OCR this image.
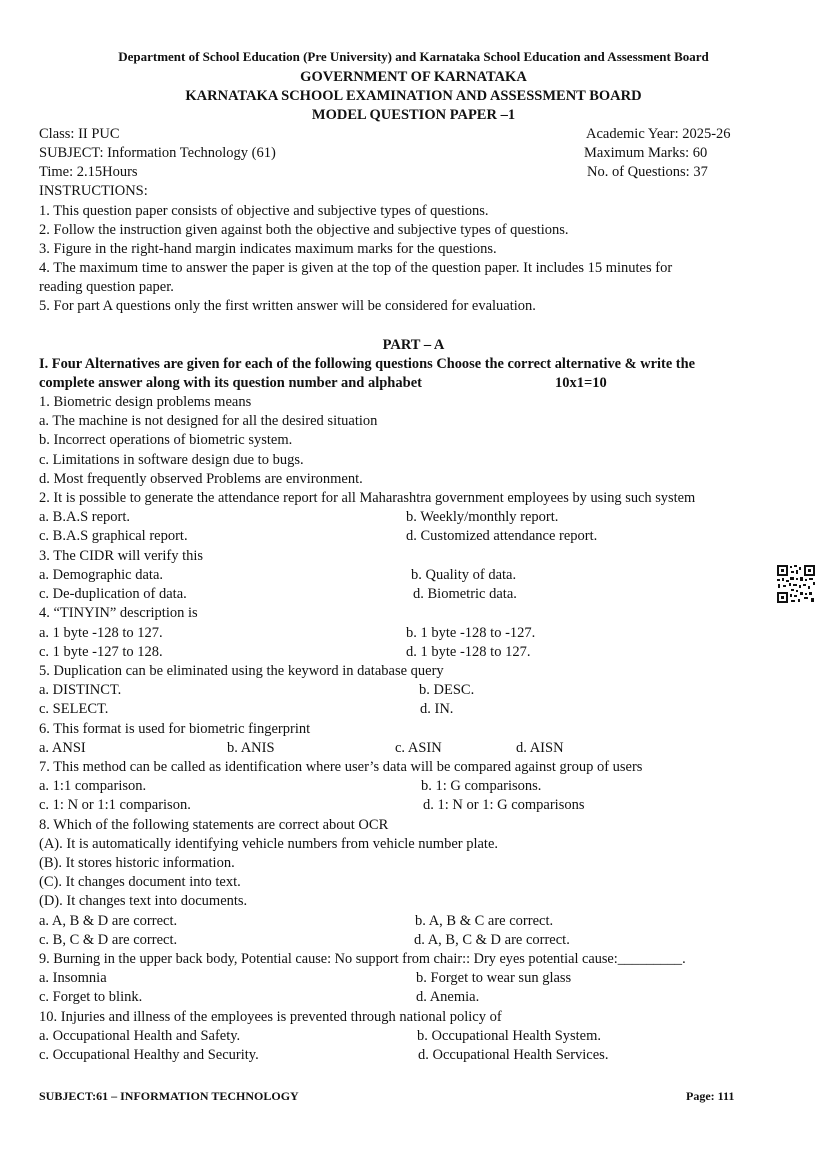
Department of School Education (Pre University) and Karnataka School Education and Assessment Board
GOVERNMENT OF KARNATAKA
KARNATAKA SCHOOL EXAMINATION AND ASSESSMENT BOARD
MODEL QUESTION PAPER –1
Class: II PUC	Academic Year: 2025-26
SUBJECT: Information Technology (61)	Maximum Marks: 60
Time: 2.15Hours	No. of Questions: 37
INSTRUCTIONS:
1. This question paper consists of objective and subjective types of questions.
2. Follow the instruction given against both the objective and subjective types of questions.
3. Figure in the right-hand margin indicates maximum marks for the questions.
4. The maximum time to answer the paper is given at the top of the question paper. It includes 15 minutes for
reading question paper.
5. For part A questions only the first written answer will be considered for evaluation.
PART – A
I. Four Alternatives are given for each of the following questions Choose the correct alternative & write the
complete answer along with its question number and alphabet	10x1=10
1. Biometric design problems means
a. The machine is not designed for all the desired situation
b. Incorrect operations of biometric system.
c. Limitations in software design due to bugs.
d. Most frequently observed Problems are environment.
2. It is possible to generate the attendance report for all Maharashtra government employees by using such system
a. B.A.S report.	b. Weekly/monthly report.
c. B.A.S graphical report.	d. Customized attendance report.
3. The CIDR will verify this
a. Demographic data.	b. Quality of data.
c. De-duplication of data.	d. Biometric data.
4. “TINYIN” description is
a. 1 byte -128 to 127.	b. 1 byte -128 to -127.
c. 1 byte -127 to 128.	d. 1 byte -128 to 127.
5. Duplication can be eliminated using the keyword in database query
a. DISTINCT.	b. DESC.
c. SELECT.	d. IN.
6. This format is used for biometric fingerprint
a. ANSI	b. ANIS	c. ASIN	d. AISN
7. This method can be called as identification where user’s data will be compared against group of users
a. 1:1 comparison.	b. 1: G comparisons.
c. 1: N or 1:1 comparison.	d. 1: N or 1: G comparisons
8. Which of the following statements are correct about OCR
(A). It is automatically identifying vehicle numbers from vehicle number plate.
(B). It stores historic information.
(C). It changes document into text.
(D). It changes text into documents.
a. A, B & D are correct.	b. A, B & C are correct.
c. B, C & D are correct.	d. A, B, C & D are correct.
9. Burning in the upper back body, Potential cause: No support from chair:: Dry eyes potential cause:_________.
a. Insomnia	b. Forget to wear sun glass
c. Forget to blink.	d. Anemia.
10. Injuries and illness of the employees is prevented through national policy of
a. Occupational Health and Safety.	b. Occupational Health System.
c. Occupational Healthy and Security.	d. Occupational Health Services.
SUBJECT:61 – INFORMATION TECHNOLOGY	Page: 111
